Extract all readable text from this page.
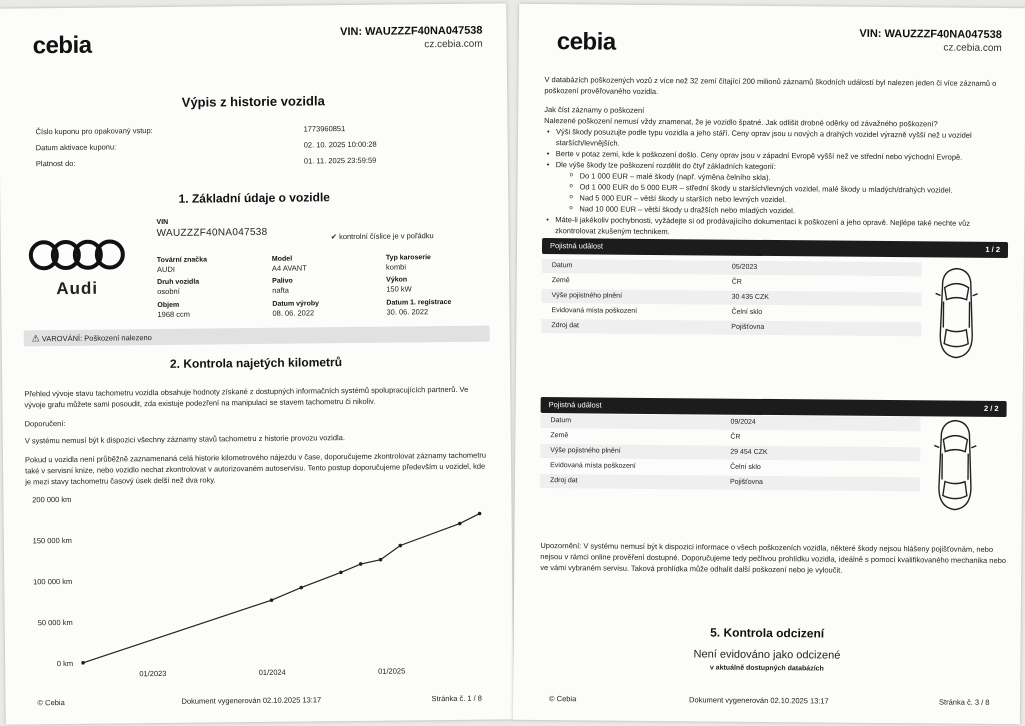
cebia
VIN: WAUZZZF40NA047538
cz.cebia.com
Výpis z historie vozidla
Číslo kuponu pro opakovaný vstup:	1773960851
Datum aktivace kuponu:	02. 10. 2025 10:00:28
Platnost do:	01. 11. 2025 23:59:59
1. Základní údaje o vozidle
Audi
VIN
WAUZZZF40NA047538	✔ kontrolní číslice je v pořádku
Tovární značka
AUDI
Model
A4 AVANT
Typ karoserie
kombi
Druh vozidla
osobní
Palivo
nafta
Výkon
150 kW
Objem
1968 ccm
Datum výroby
08. 06. 2022
Datum 1. registrace
30. 06. 2022
⚠ VAROVÁNÍ: Poškození nalezeno
2. Kontrola najetých kilometrů

Přehled vývoje stavu tachometru vozidla obsahuje hodnoty získané z dostupných informačních systémů spolupracujících partnerů. Ve vývoje grafu můžete sami posoudit, zda existuje podezření na manipulaci se stavem tachometru či nikoliv.

Doporučení:

V systému nemusí být k dispozici všechny záznamy stavů tachometru z historie provozu vozidla.

Pokud u vozidla není průběžně zaznamenaná celá historie kilometrového nájezdu v čase, doporučujeme zkontrolovat záznamy tachometru také v servisní knize, nebo vozidlo nechat zkontrolovat v autorizovaném autoservisu. Tento postup doporučujeme především u vozidel, kde je mezi stavy tachometru časový úsek delší než dva roky.

0 km
50 000 km
100 000 km
150 000 km
200 000 km
01/2023	01/2024	01/2025
© Cebia	Dokument vygenerován 02.10.2025 13:17	Stránka č. 1 / 8
cebia	VIN: WAUZZZF40NA047538
cz.cebia.com

V databázích poškozených vozů z více než 32 zemí čítající 200 milionů záznamů škodních událostí byl nalezen jeden či více záznamů o poškození prověřovaného vozidla.

Jak číst záznamy o poškození

Nalezené poškození nemusí vždy znamenat, že je vozidlo špatné. Jak odlišit drobné oděrky od závažného poškození?

• Výši škody posuzujte podle typu vozidla a jeho stáří. Ceny oprav jsou u nových a drahých vozidel výrazně vyšší než u vozidel starších/levnějších.
• Berte v potaz zemi, kde k poškození došlo. Ceny oprav jsou v západní Evropě vyšší než ve střední nebo východní Evropě.
• Dle výše škody lze poškození rozdělit do čtyř základních kategorií:
o Do 1 000 EUR – malé škody (např. výměna čelního skla).
o Od 1 000 EUR do 5 000 EUR – střední škody u starších/levných vozidel, malé škody u mladých/drahých vozidel.
o Nad 5 000 EUR – větší škody u starších nebo levných vozidel.
o Nad 10 000 EUR – větší škody u dražších nebo mladých vozidel.
• Máte-li jakékoliv pochybnosti, vyžádejte si od prodávajícího dokumentaci k poškození a jeho opravě. Nejlépe také nechte vůz zkontrolovat zkušeným technikem.
Pojistná událost	1 / 2
Datum	05/2023
Země	ČR
Výše pojistného plnění	30 435 CZK
Evidovaná místa poškození	Čelní sklo
Zdroj dat	Pojišťovna
Pojistná událost	2 / 2
Datum	09/2024
Země	ČR
Výše pojistného plnění	29 454 CZK
Evidovaná místa poškození	Čelní sklo
Zdroj dat	Pojišťovna
Upozornění: V systému nemusí být k dispozici informace o všech poškozeních vozidla, některé škody nejsou hlášeny pojišťovnám, nebo nejsou v rámci online prověření dostupné. Doporučujeme tedy pečlivou prohlídku vozidla, ideálně s pomocí kvalifikovaného mechanika nebo ve vámi vybraném servisu. Taková prohlídka může odhalit další poškození nebo je vyloučit.
5. Kontrola odcizení
Není evidováno jako odcizené
v aktuálně dostupných databázích
© Cebia	Dokument vygenerován 02.10.2025 13:17	Stránka č. 3 / 8
